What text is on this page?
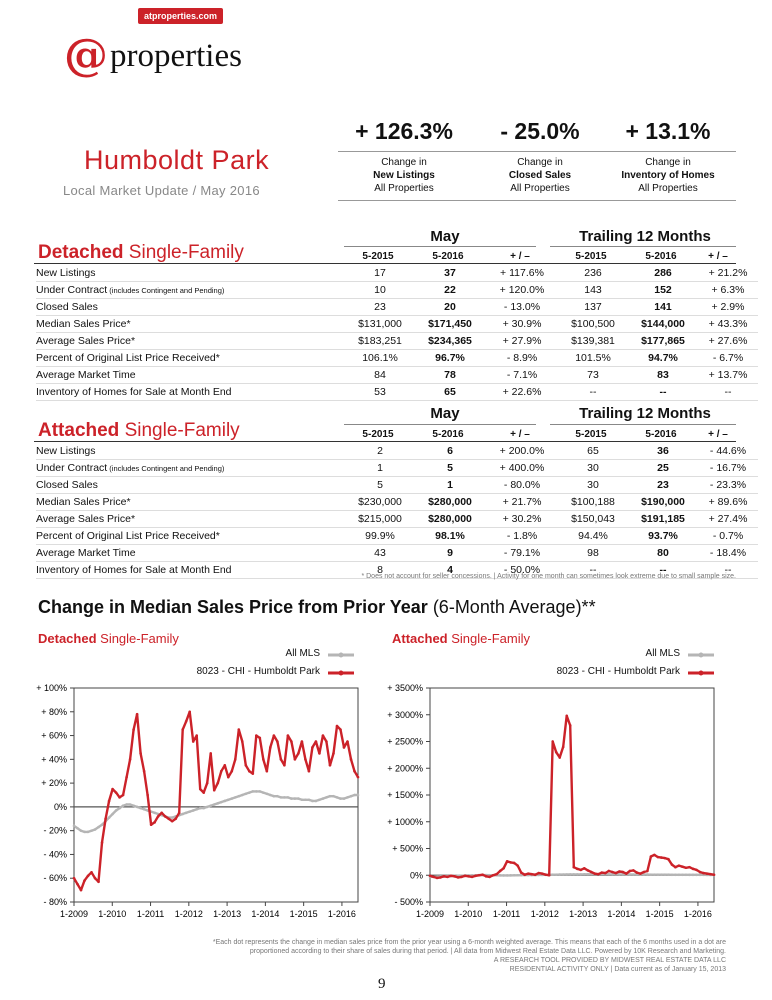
atproperties.com
@ properties
Humboldt Park
Local Market Update / May 2016
+ 126.3%	- 25.0%	+ 13.1%
Change in
New Listings
All Properties
Change in
Closed Sales
All Properties
Change in
Inventory of Homes
All Properties
May	Trailing 12 Months
Detached Single-Family	5-2015	5-2016	+ / –	5-2015	5-2016	+ / –
New Listings	17	37	+ 117.6%	236	286	+ 21.2%
Under Contract (includes Contingent and Pending)	10	22	+ 120.0%	143	152	+ 6.3%
Closed Sales	23	20	- 13.0%	137	141	+ 2.9%
Median Sales Price*	$131,000	$171,450	+ 30.9%	$100,500	$144,000	+ 43.3%
Average Sales Price*	$183,251	$234,365	+ 27.9%	$139,381	$177,865	+ 27.6%
Percent of Original List Price Received*	106.1%	96.7%	- 8.9%	101.5%	94.7%	- 6.7%
Average Market Time	84	78	- 7.1%	73	83	+ 13.7%
Inventory of Homes for Sale at Month End	53	65	+ 22.6%	--	--	--
May	Trailing 12 Months
Attached Single-Family	5-2015	5-2016	+ / –	5-2015	5-2016	+ / –
New Listings	2	6	+ 200.0%	65	36	- 44.6%
Under Contract (includes Contingent and Pending)	1	5	+ 400.0%	30	25	- 16.7%
Closed Sales	5	1	- 80.0%	30	23	- 23.3%
Median Sales Price*	$230,000	$280,000	+ 21.7%	$100,188	$190,000	+ 89.6%
Average Sales Price*	$215,000	$280,000	+ 30.2%	$150,043	$191,185	+ 27.4%
Percent of Original List Price Received*	99.9%	98.1%	- 1.8%	94.4%	93.7%	- 0.7%
Average Market Time	43	9	- 79.1%	98	80	- 18.4%
Inventory of Homes for Sale at Month End	8	4	- 50.0%	--	--	--
* Does not account for seller concessions. | Activity for one month can sometimes look extreme due to small sample size.
Change in Median Sales Price from Prior Year (6-Month Average)**
Detached Single-Family	Attached Single-Family
All MLS
8023 - CHI - Humboldt Park
All MLS
8023 - CHI - Humboldt Park
+ 100%
+ 80%
+ 60%
+ 40%
+ 20%
0%
- 20%
- 40%
- 60%
- 80%
1-2009 1-2010 1-2011 1-2012 1-2013 1-2014 1-2015 1-2016
+ 3500%
+ 3000%
+ 2500%
+ 2000%
+ 1500%
+ 1000%
+ 500%
0%
- 500%
1-2009 1-2010 1-2011 1-2012 1-2013 1-2014 1-2015 1-2016
*Each dot represents the change in median sales price from the prior year using a 6-month weighted average. This means that each of the 6 months used in a dot are
proportioned according to their share of sales during that period. | All data from Midwest Real Estate Data LLC. Powered by 10K Research and Marketing.
A RESEARCH TOOL PROVIDED BY MIDWEST REAL ESTATE DATA LLC
RESIDENTIAL ACTIVITY ONLY | Data current as of January 15, 2013
9
